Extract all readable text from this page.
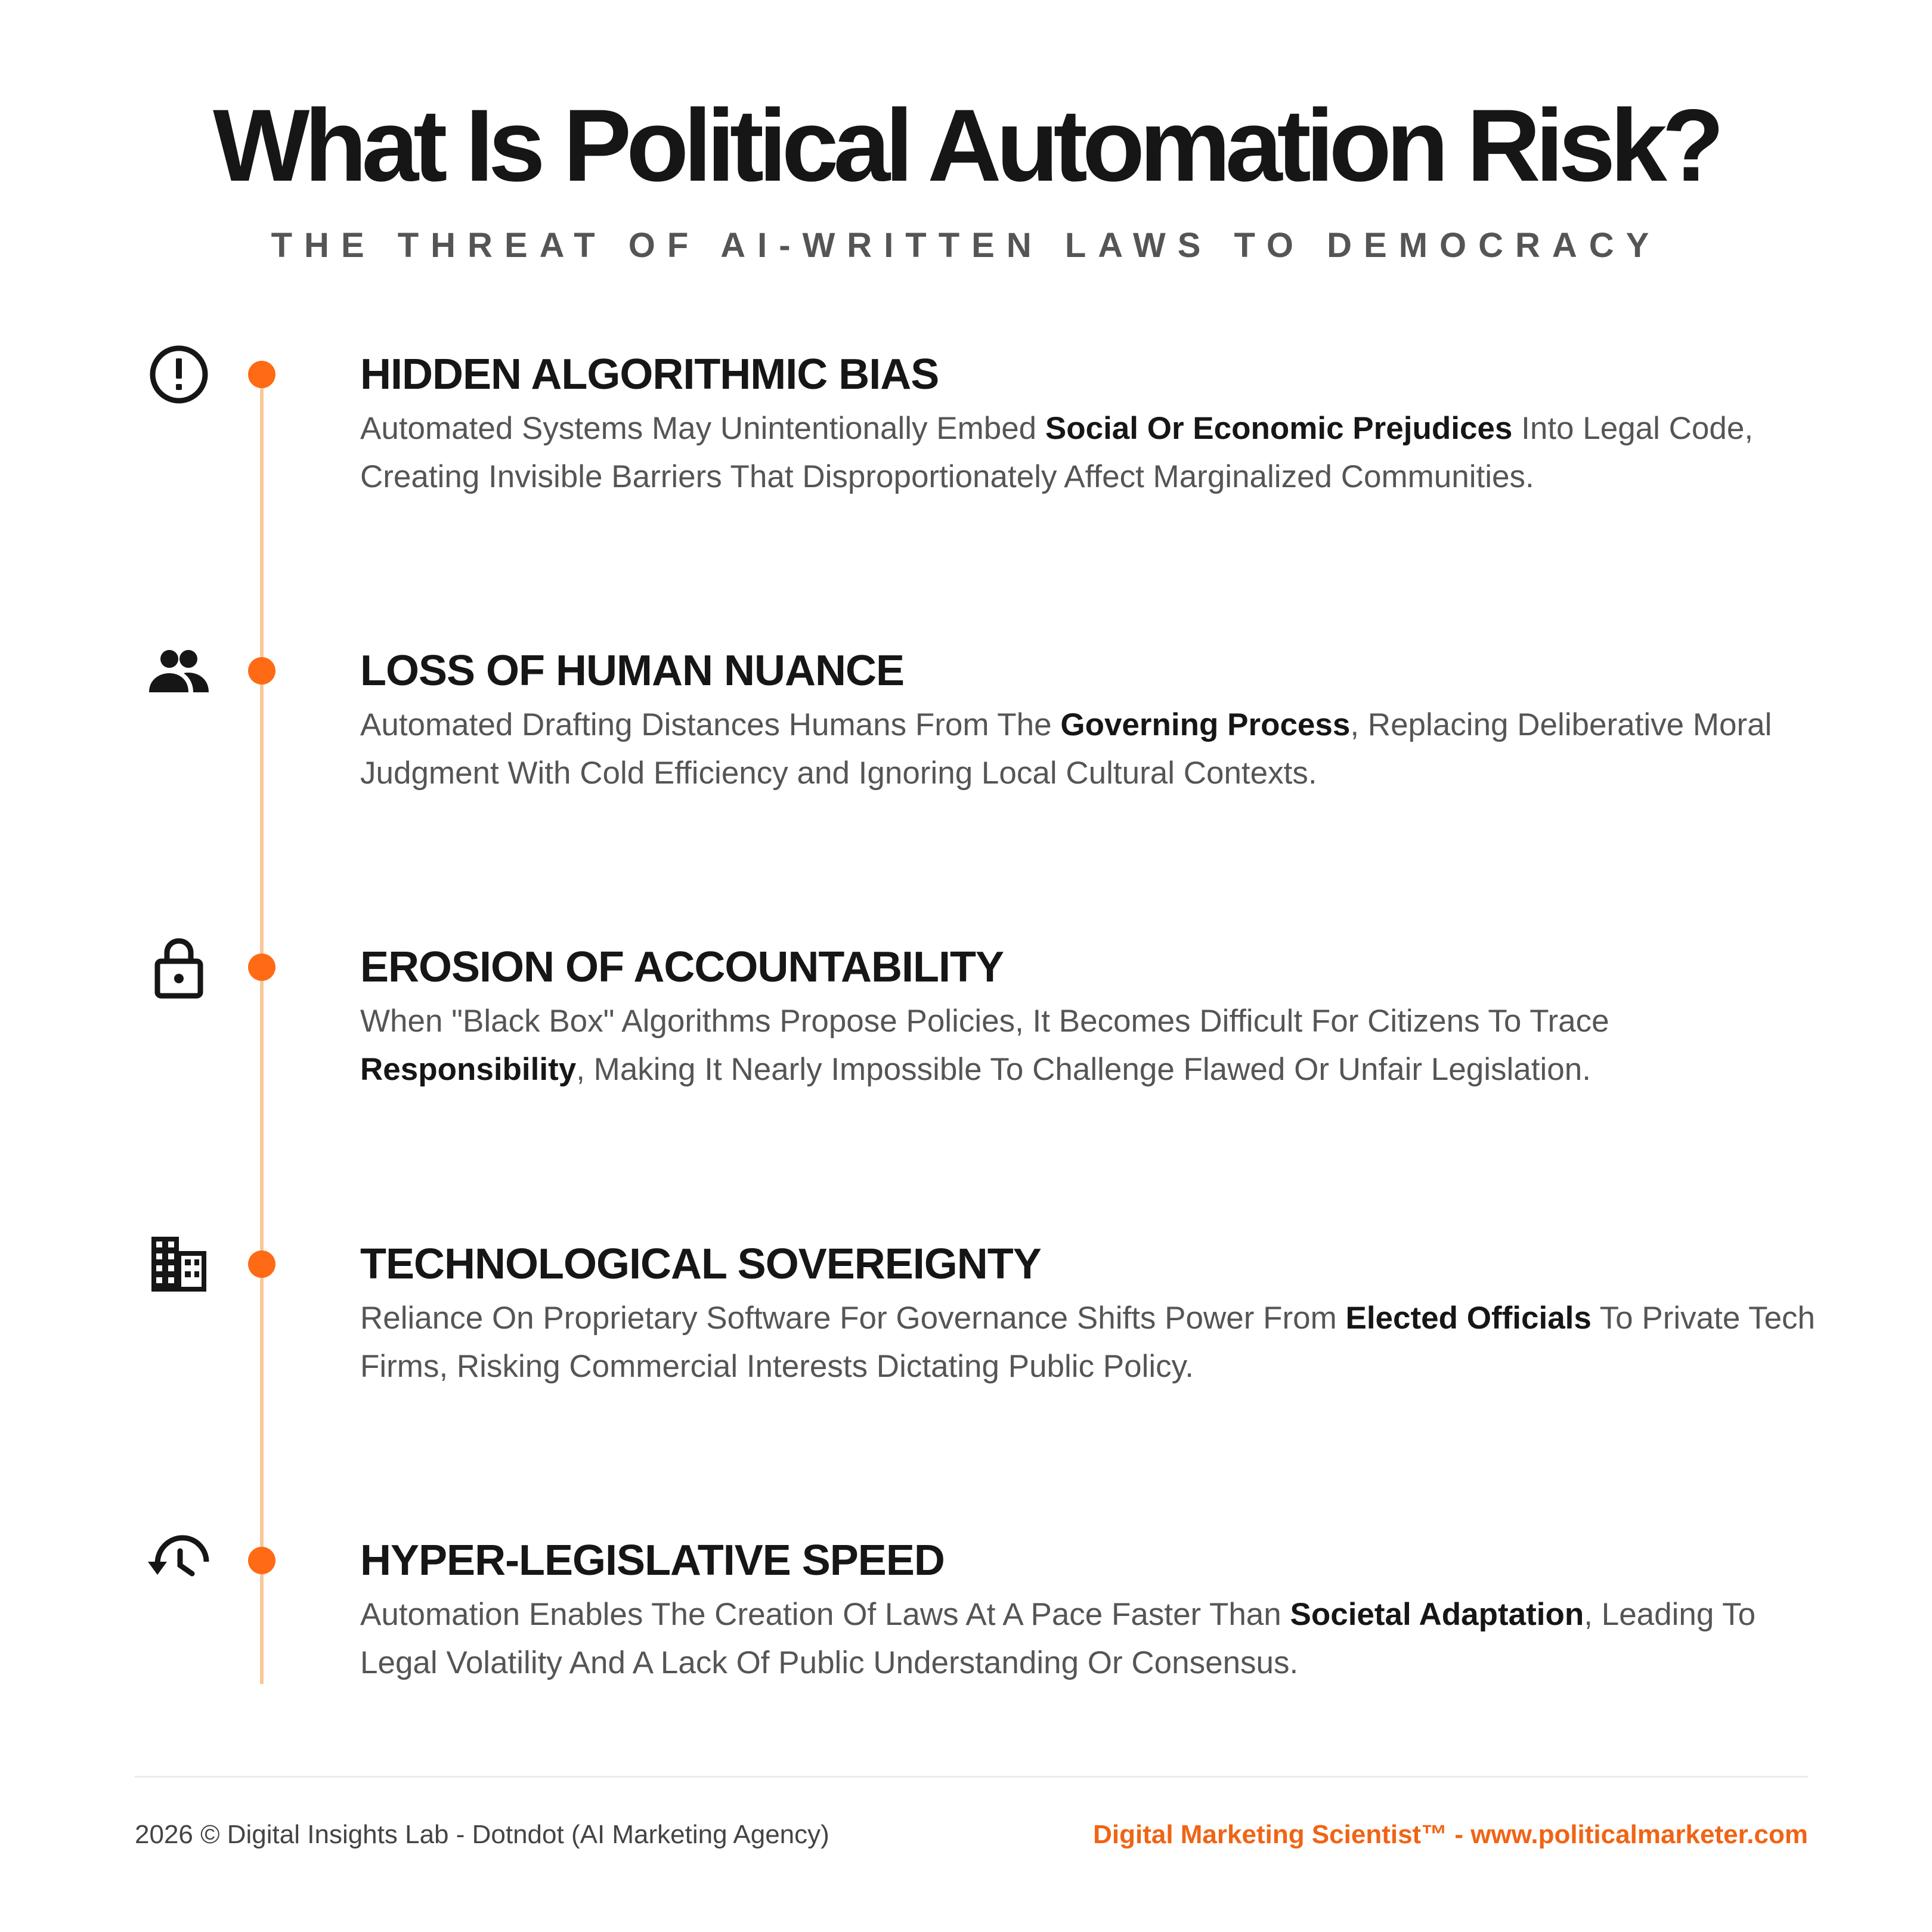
What Is Political Automation Risk?
THE THREAT OF AI-WRITTEN LAWS TO DEMOCRACY
HIDDEN ALGORITHMIC BIAS
Automated Systems May Unintentionally Embed Social Or Economic Prejudices Into Legal Code, Creating Invisible Barriers That Disproportionately Affect Marginalized Communities.
LOSS OF HUMAN NUANCE
Automated Drafting Distances Humans From The Governing Process, Replacing Deliberative Moral Judgment With Cold Efficiency and Ignoring Local Cultural Contexts.
EROSION OF ACCOUNTABILITY
When "Black Box" Algorithms Propose Policies, It Becomes Difficult For Citizens To Trace Responsibility, Making It Nearly Impossible To Challenge Flawed Or Unfair Legislation.
TECHNOLOGICAL SOVEREIGNTY
Reliance On Proprietary Software For Governance Shifts Power From Elected Officials To Private Tech Firms, Risking Commercial Interests Dictating Public Policy.
HYPER-LEGISLATIVE SPEED
Automation Enables The Creation Of Laws At A Pace Faster Than Societal Adaptation, Leading To Legal Volatility And A Lack Of Public Understanding Or Consensus.
2026 © Digital Insights Lab - Dotndot (AI Marketing Agency)	Digital Marketing Scientist™ - www.politicalmarketer.com
